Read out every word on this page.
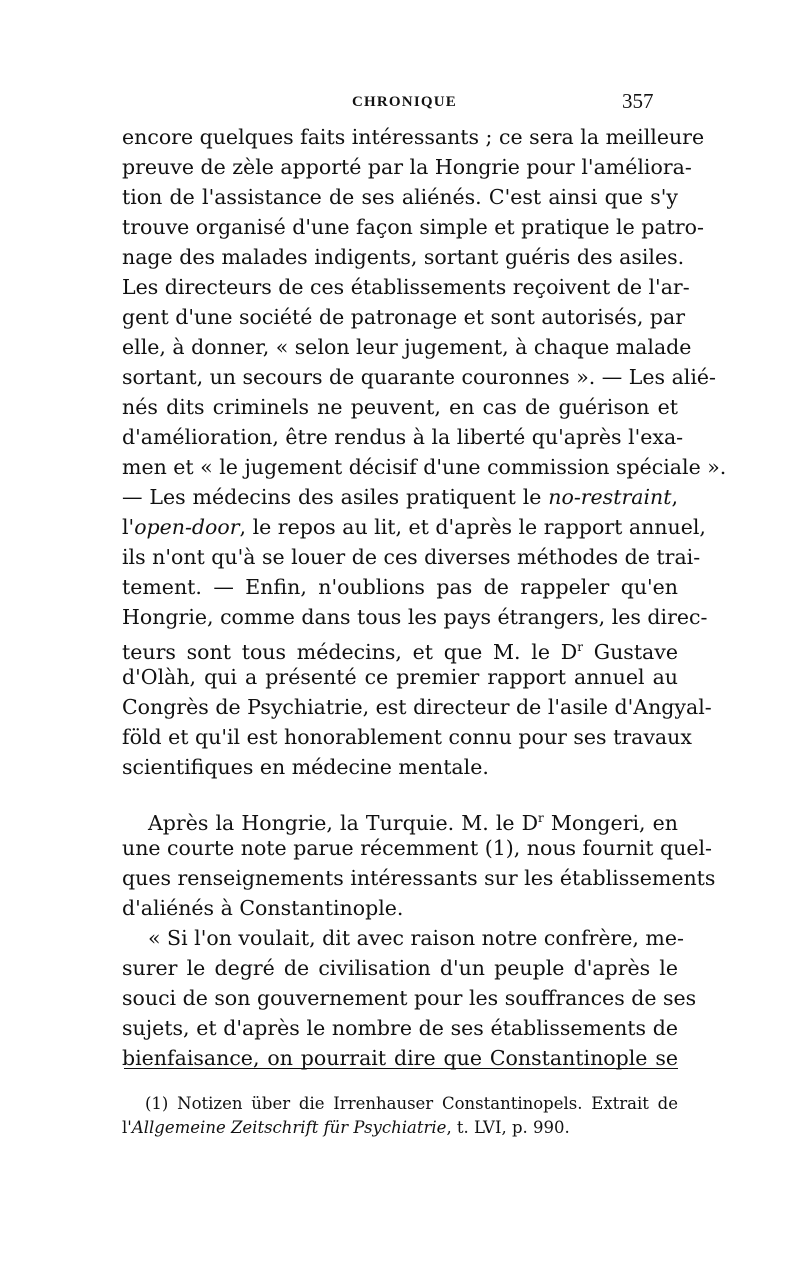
CHRONIQUE	357
encore quelques faits intéressants ; ce sera la meilleure
preuve de zèle apporté par la Hongrie pour l'améliora-
tion de l'assistance de ses aliénés. C'est ainsi que s'y
trouve organisé d'une façon simple et pratique le patro-
nage des malades indigents, sortant guéris des asiles.
Les directeurs de ces établissements reçoivent de l'ar-
gent d'une société de patronage et sont autorisés, par
elle, à donner, « selon leur jugement, à chaque malade
sortant, un secours de quarante couronnes ». — Les alié-
nés dits criminels ne peuvent, en cas de guérison et
d'amélioration, être rendus à la liberté qu'après l'exa-
men et « le jugement décisif d'une commission spéciale ».
— Les médecins des asiles pratiquent le no-restraint,
l'open-door, le repos au lit, et d'après le rapport annuel,
ils n'ont qu'à se louer de ces diverses méthodes de trai-
tement. — Enfin, n'oublions pas de rappeler qu'en
Hongrie, comme dans tous les pays étrangers, les direc-
teurs sont tous médecins, et que M. le $D^r$ Gustave
d'Olàh, qui a présenté ce premier rapport annuel au
Congrès de Psychiatrie, est directeur de l'asile d'Angyal-
föld et qu'il est honorablement connu pour ses travaux
scientifiques en médecine mentale.
Après la Hongrie, la Turquie. M. le $D^r$ Mongeri, en
une courte note parue récemment (1), nous fournit quel-
ques renseignements intéressants sur les établissements
d'aliénés à Constantinople.
« Si l'on voulait, dit avec raison notre confrère, me-
surer le degré de civilisation d'un peuple d'après le
souci de son gouvernement pour les souffrances de ses
sujets, et d'après le nombre de ses établissements de
bienfaisance, on pourrait dire que Constantinople se
(1) Notizen über die Irrenhauser Constantinopels. Extrait de
l'Allgemeine Zeitschrift für Psychiatrie, t. LVI, p. 990.
